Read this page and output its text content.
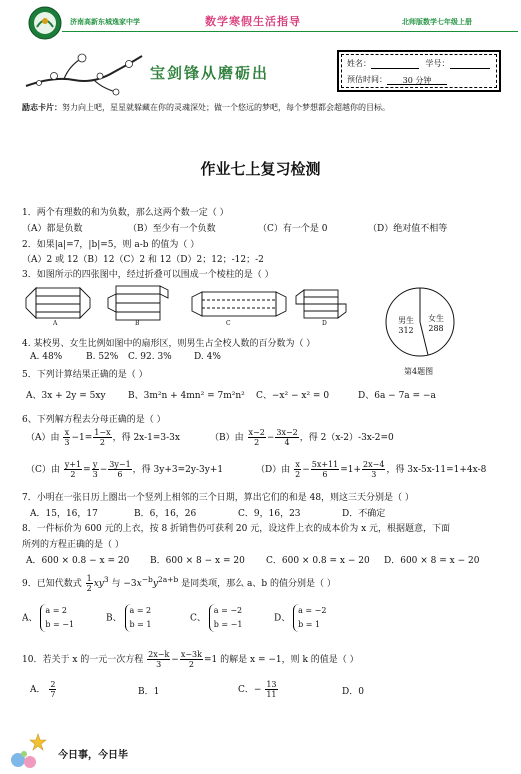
济南高新东城逸家中学	数学寒假生活指导	北师版数学七年级上册
宝剑锋从磨砺出
姓名：	学号：
预估时间： 30 分钟
励志卡片：努力向上吧，星星就躲藏在你的灵魂深处；做一个悠远的梦吧，每个梦想都会超越你的目标。
作业七上复习检测
1．两个有理数的和为负数，那么这两个数一定（ ）
（A）都是负数	（B）至少有一个负数	（C）有一个是 0	（D）绝对值不相等
2．如果|a|=7，|b|=5，则 a-b 的值为（ ）
（A）2 或 12（B）12（C）2 和 12（D）2；12；-12；-2
3．如图所示的四张图中，经过折叠可以围成一个棱柱的是（ ）
A	B	C	D	男生
312
女生
288
第4题图
4. 某校男、女生比例如图中的扇形区，则男生占全校人数的百分数为（ ）
A. 48%	B. 52% C. 92. 3% D. 4%
5．下列计算结果正确的是（ ）
A、3x + 2y = 5xy B、3m²n + 4mn² = 7m²n² C、−x² − x² = 0	D、6a − 7a = −a
6、下列解方程去分母正确的是（ ）
（A）由 $\frac{x}{3} -1= \frac{1-x}{2}$ ，得 2x-1=3-3x	（B）由 $\frac{x-2}{2} - \frac{3x-2}{4}$ ，得 2（x-2）-3x-2=0
（C）由 $\frac{y+1}{2} = \frac{y}{3} - \frac{3y-1}{6}$ ，得 3y+3=2y-3y+1	（D）由 $\frac{x}{2} - \frac{5x+11}{6} =1+ \frac{2x-4}{3}$ ，得 3x-5x-11=1+4x-8
7．小明在一张日历上圈出一个竖列上相邻的三个日期，算出它们的和是 48，则这三天分别是（ ）
A．15，16，17	B．6，16，26	C．9，16，23	D．不确定
8．一件标价为 600 元的上衣，按 8 折销售仍可获利 20 元，设这件上衣的成本价为 x 元，根据题意，下面
所列的方程正确的是（ ）
A．600 × 0.8 − x = 20 B．600 × 8 − x = 20 C．600 × 0.8 = x − 20 D．600 × 8 = x − 20
9．已知代数式 $\frac{1}{2} xy^3$ 与 $-3x^{-b}y^{2a+b}$ 是同类项，那么 a、b 的值分别是（ ）
A、
a = 2
b = −1
B、
a = 2
b = 1
C、
a = −2
b = −1
D、
a = −2
b = 1
10．若关于 x 的一元一次方程 $\frac{2x-k}{3} - \frac{x-3k}{2} =1$ 的解是 x = −1，则 k 的值是（ ）
A． $\frac{2}{7}$	B．1	C．− $\frac{13}{11}$	D．0
今日事，今日毕
